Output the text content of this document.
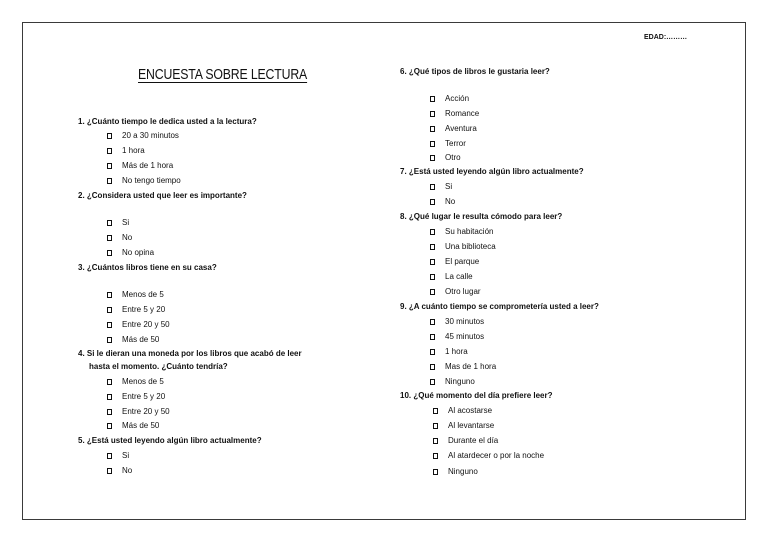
EDAD:………
ENCUESTA SOBRE LECTURA
1. ¿Cuánto tiempo le dedica usted a la lectura?
20 a 30 minutos
1 hora
Más de 1 hora
No tengo tiempo
2. ¿Considera usted que leer es importante?
Si
No
No opina
3. ¿Cuántos libros tiene en su casa?
Menos de 5
Entre 5 y 20
Entre 20 y 50
Más de 50
4. Si le dieran una moneda por los libros que acabó de leer
hasta el momento. ¿Cuánto tendría?
Menos de 5
Entre 5 y 20
Entre 20 y 50
Más de 50
5. ¿Está usted leyendo algún libro actualmente?
Si
No
6. ¿Qué tipos de libros le gustaria leer?
Acción
Romance
Aventura
Terror
Otro
7. ¿Está usted leyendo algún libro actualmente?
Si
No
8. ¿Qué lugar le resulta cómodo para leer?
Su habitación
Una biblioteca
El parque
La calle
Otro lugar
9. ¿A cuánto tiempo se comprometería usted a leer?
30 minutos
45 minutos
1 hora
Mas de 1 hora
Ninguno
10. ¿Qué momento del día prefiere leer?
Al acostarse
Al levantarse
Durante el día
Al atardecer o por la noche
Ninguno
